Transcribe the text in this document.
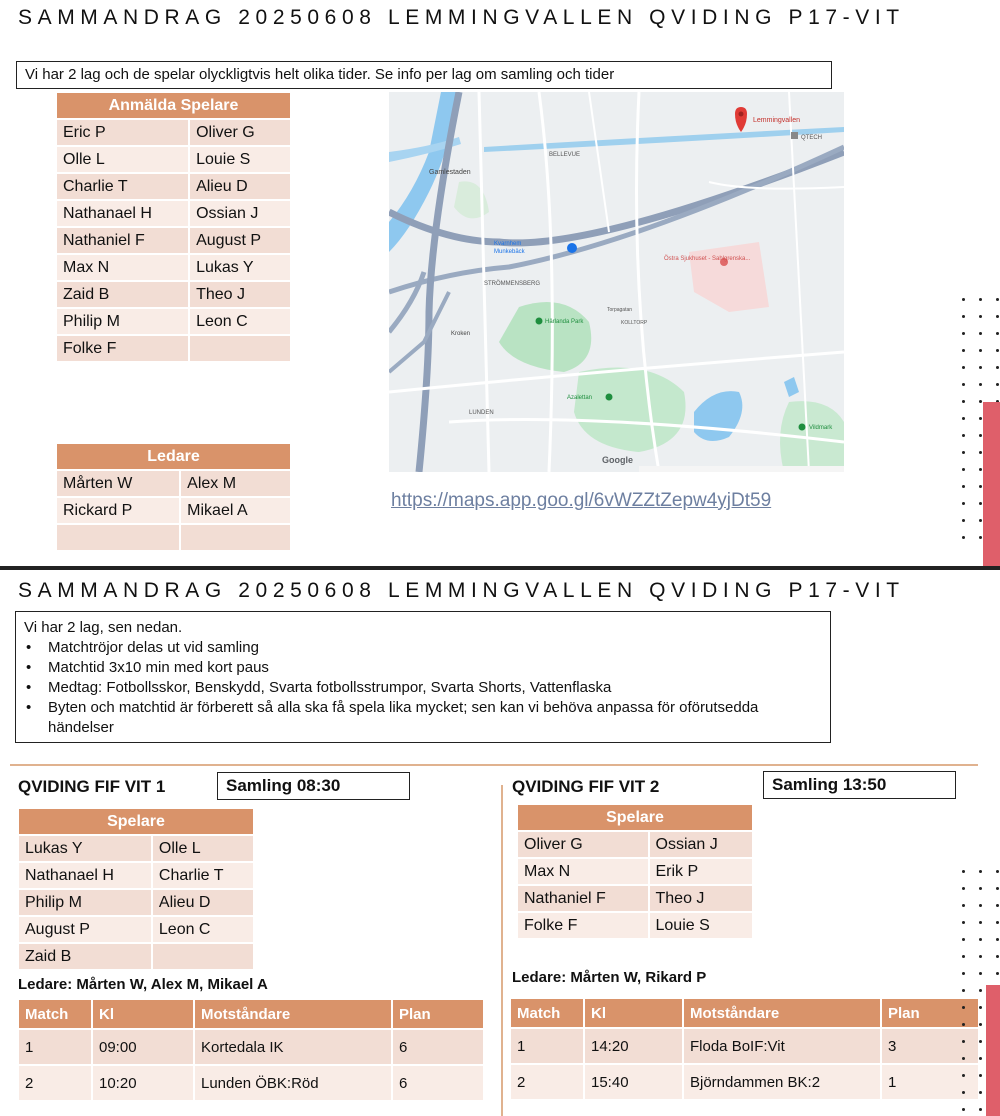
SAMMANDRAG 20250608 LEMMINGVALLEN QVIDING P17-VIT
Vi har 2 lag och de spelar olyckligtvis helt olika tider. Se info per lag om samling och tider
Anmälda Spelare	
Eric P	Oliver G
Olle L	Louie S
Charlie T	Alieu D
Nathanael H	Ossian J
Nathaniel F	August P
Max N	Lukas Y
Zaid B	Theo J
Philip M	Leon C
Folke F	
Ledare	
Mårten W	Alex M
Rickard P	Mikael A

Lemmingvallen
QTECH
Gamlestaden
BELLEVUE
Kvarnhem
Munkebäck
Östra Sjukhuset - Sahlgrenska...
STRÖMMENSBERG
Härlanda Park	KOLLTORP
Torpagatan
Kroken
LUNDEN
Azalettan
Vildmark
Google
https://maps.app.goo.gl/6vWZZtZepw4yjDt59
SAMMANDRAG 20250608 LEMMINGVALLEN QVIDING P17-VIT
Vi har 2 lag, sen nedan.
• Matchtröjor delas ut vid samling
• Matchtid 3x10 min med kort paus
• Medtag: Fotbollsskor, Benskydd, Svarta fotbollsstrumpor, Svarta Shorts, Vattenflaska
• Byten och matchtid är förberett så alla ska få spela lika mycket; sen kan vi behöva anpassa för oförutsedda händelser
QVIDING FIF VIT 1	Samling 08:30
Spelare	
Lukas Y	Olle L
Nathanael H	Charlie T
Philip M	Alieu D
August P	Leon C
Zaid B	
Ledare: Mårten W, Alex M, Mikael A
Match	Kl	Motståndare	Plan
1	09:00	Kortedala IK	6
2	10:20	Lunden ÖBK:Röd	6
QVIDING FIF VIT 2	Samling 13:50
Spelare	
Oliver G	Ossian J
Max N	Erik P
Nathaniel F	Theo J
Folke F	Louie S
Ledare: Mårten W, Rikard P
Match	Kl	Motståndare	Plan
1	14:20	Floda BoIF:Vit	3
2	15:40	Björndammen BK:2	1
